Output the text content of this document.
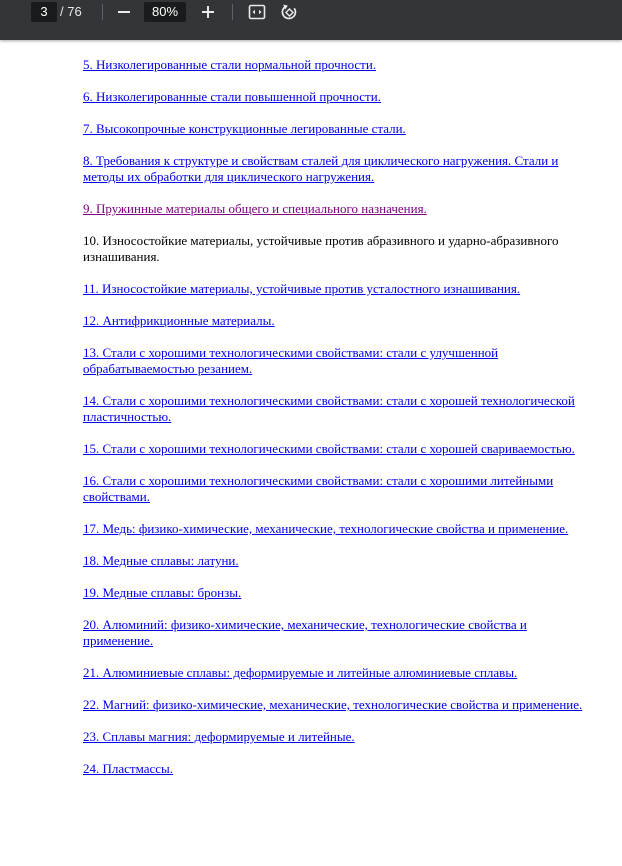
3 / 76	80%
5. Низколегированные стали нормальной прочности.
6. Низколегированные стали повышенной прочности.
7. Высокопрочные конструкционные легированные стали.
8. Требования к структуре и свойствам сталей для циклического нагружения. Стали и методы их обработки для циклического нагружения.
9. Пружинные материалы общего и специального назначения.
10. Износостойкие материалы, устойчивые против абразивного и ударно-абразивного изнашивания.
11. Износостойкие материалы, устойчивые против усталостного изнашивания.
12. Антифрикционные материалы.
13. Стали с хорошими технологическими свойствами: стали с улучшенной обрабатываемостью резанием.
14. Стали с хорошими технологическими свойствами: стали с хорошей технологической пластичностью.
15. Стали с хорошими технологическими свойствами: стали с хорошей свариваемостью.
16. Стали с хорошими технологическими свойствами: стали с хорошими литейными свойствами.
17. Медь: физико-химические, механические, технологические свойства и применение.
18. Медные сплавы: латуни.
19. Медные сплавы: бронзы.
20. Алюминий: физико-химические, механические, технологические свойства и применение.
21. Алюминиевые сплавы: деформируемые и литейные алюминиевые сплавы.
22. Магний: физико-химические, механические, технологические свойства и применение.
23. Сплавы магния: деформируемые и литейные.
24. Пластмассы.
